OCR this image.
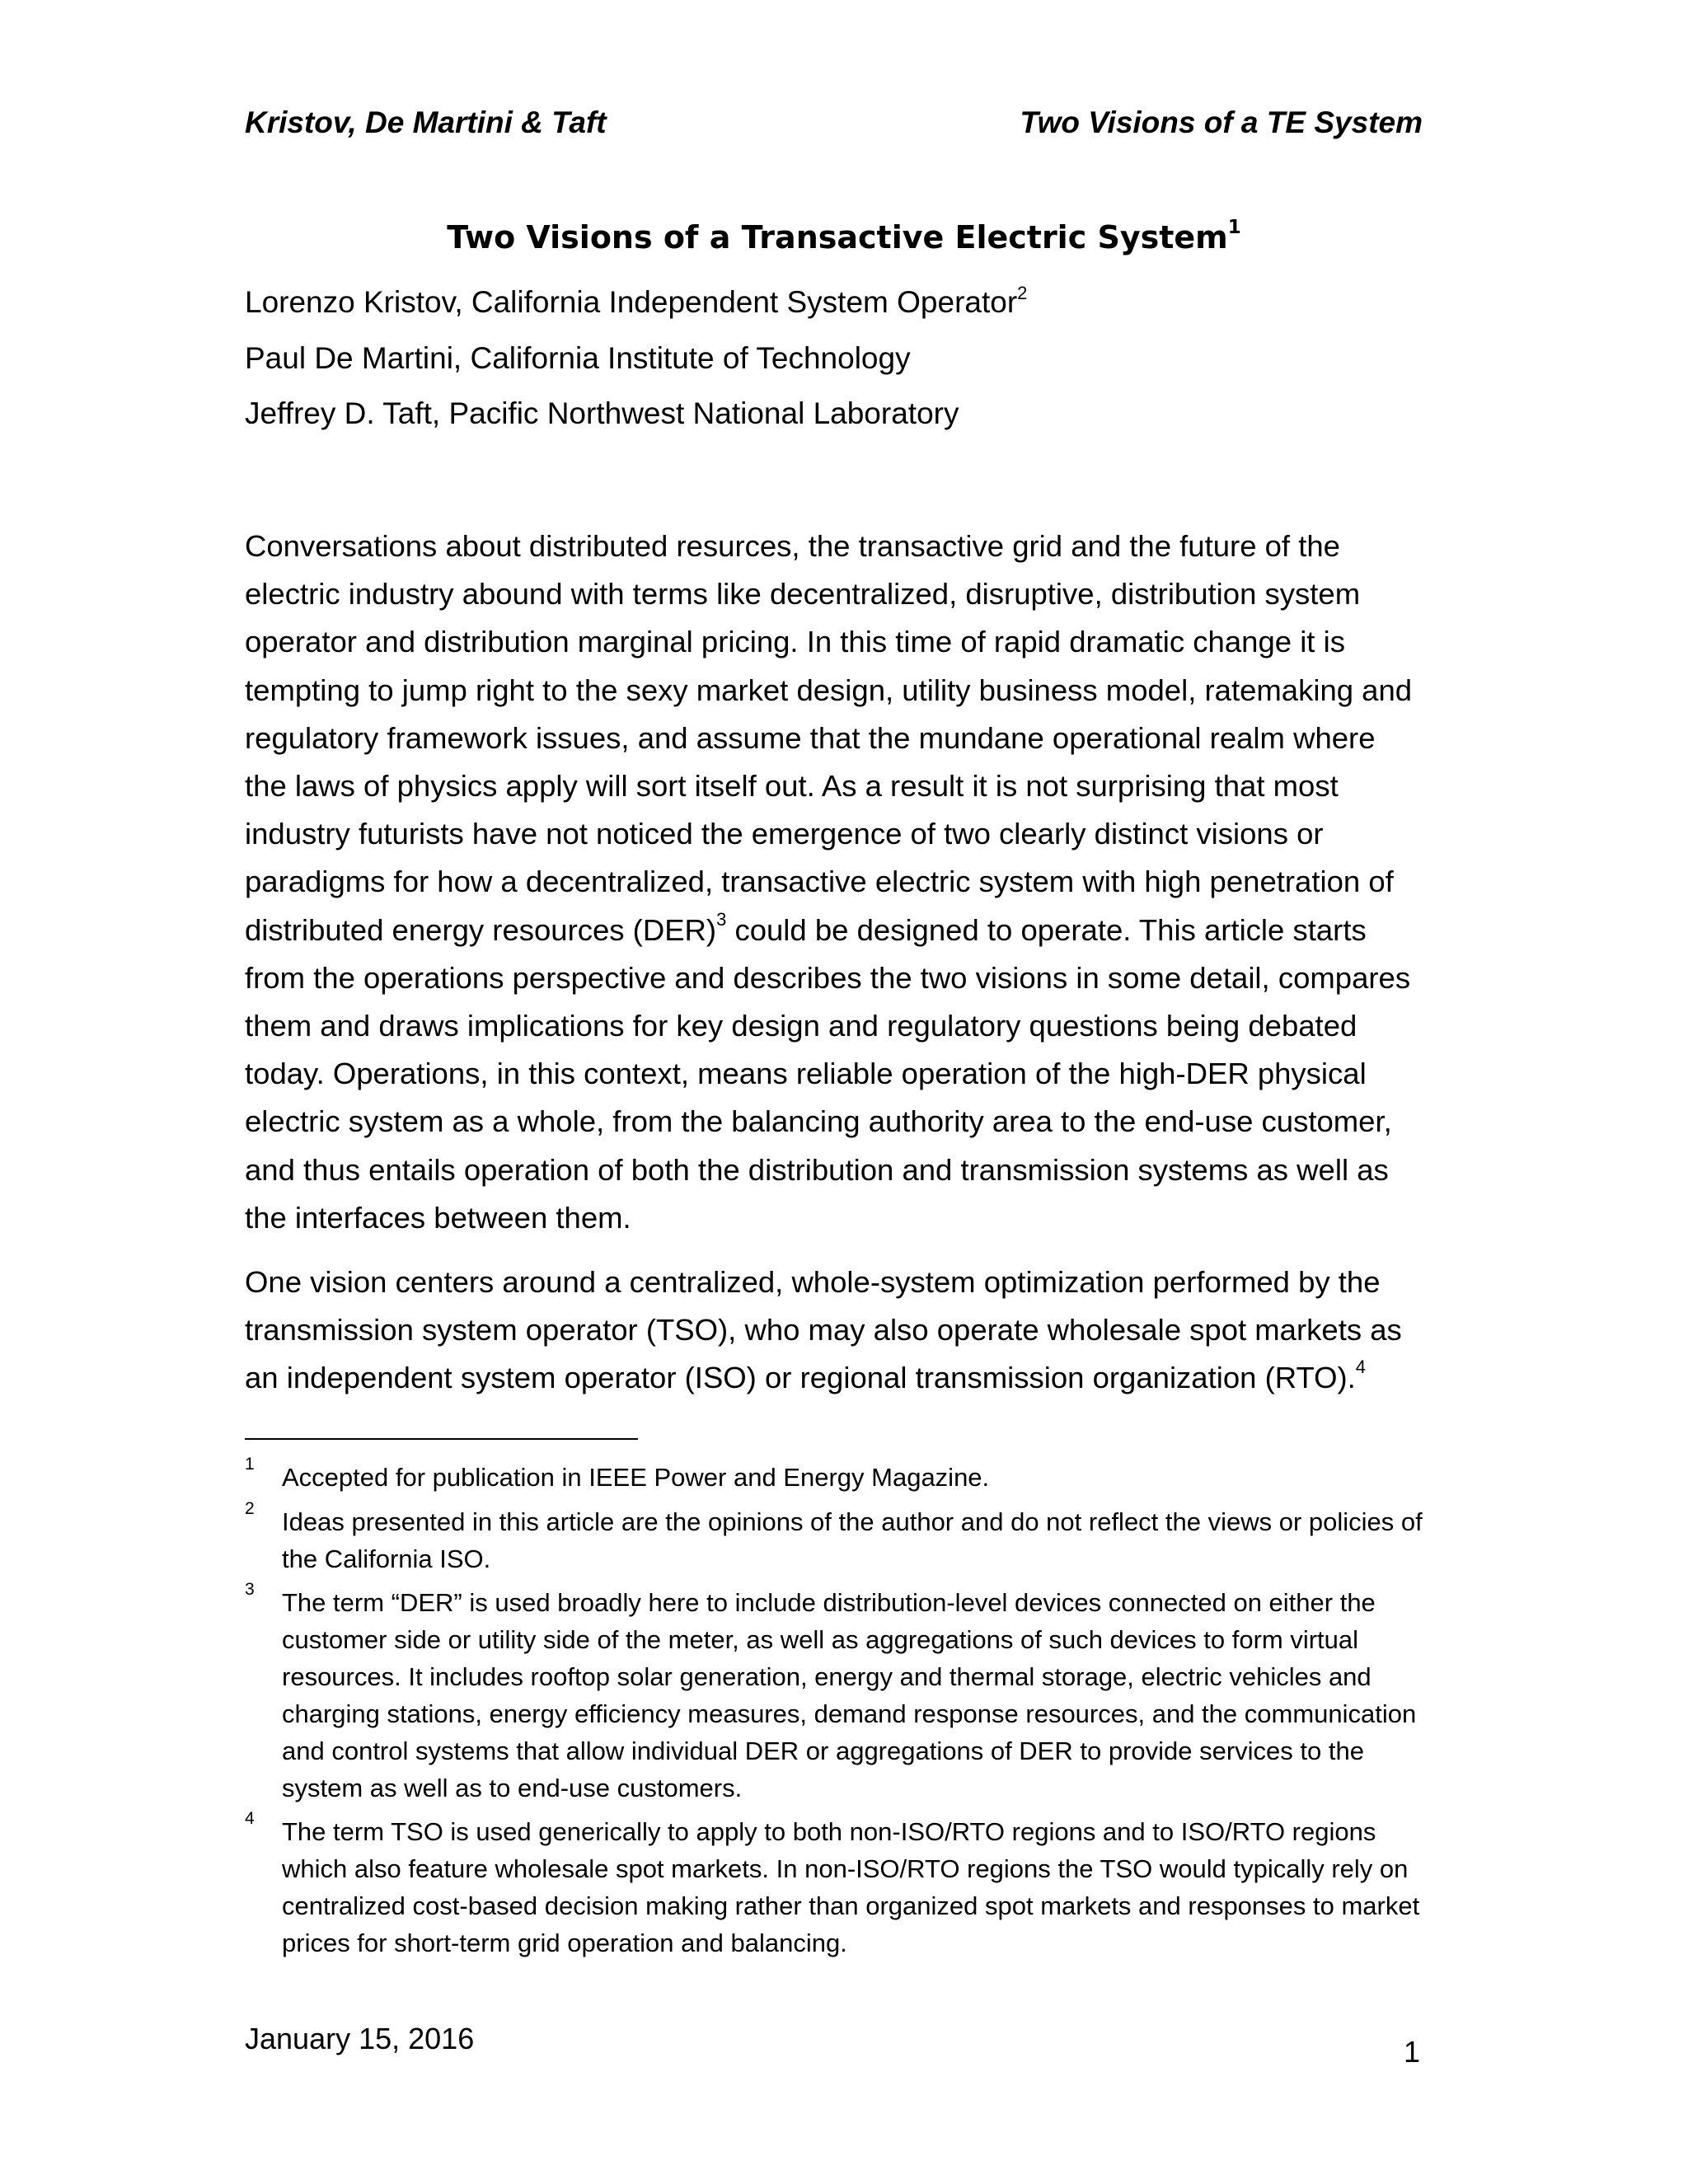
Kristov, De Martini & Taft	Two Visions of a TE System
Two Visions of a Transactive Electric System$^1$
Lorenzo Kristov, California Independent System Operator$^2$
Paul De Martini, California Institute of Technology
Jeffrey D. Taft, Pacific Northwest National Laboratory

Conversations about distributed resurces, the transactive grid and the future of the electric industry abound with terms like decentralized, disruptive, distribution system operator and distribution marginal pricing. In this time of rapid dramatic change it is tempting to jump right to the sexy market design, utility business model, ratemaking and regulatory framework issues, and assume that the mundane operational realm where the laws of physics apply will sort itself out. As a result it is not surprising that most industry futurists have not noticed the emergence of two clearly distinct visions or paradigms for how a decentralized, transactive electric system with high penetration of distributed energy resources (DER)$^3$ could be designed to operate. This article starts from the operations perspective and describes the two visions in some detail, compares them and draws implications for key design and regulatory questions being debated today. Operations, in this context, means reliable operation of the high-DER physical electric system as a whole, from the balancing authority area to the end-use customer, and thus entails operation of both the distribution and transmission systems as well as the interfaces between them.

One vision centers around a centralized, whole-system optimization performed by the transmission system operator (TSO), who may also operate wholesale spot markets as an independent system operator (ISO) or regional transmission organization (RTO).$^4$

1 Accepted for publication in IEEE Power and Energy Magazine.
2 Ideas presented in this article are the opinions of the author and do not reflect the views or policies of the California ISO.
3 The term “DER” is used broadly here to include distribution-level devices connected on either the customer side or utility side of the meter, as well as aggregations of such devices to form virtual resources. It includes rooftop solar generation, energy and thermal storage, electric vehicles and charging stations, energy efficiency measures, demand response resources, and the communication and control systems that allow individual DER or aggregations of DER to provide services to the system as well as to end-use customers.
4 The term TSO is used generically to apply to both non-ISO/RTO regions and to ISO/RTO regions which also feature wholesale spot markets. In non-ISO/RTO regions the TSO would typically rely on centralized cost-based decision making rather than organized spot markets and responses to market prices for short-term grid operation and balancing.
January 15, 2016	1
